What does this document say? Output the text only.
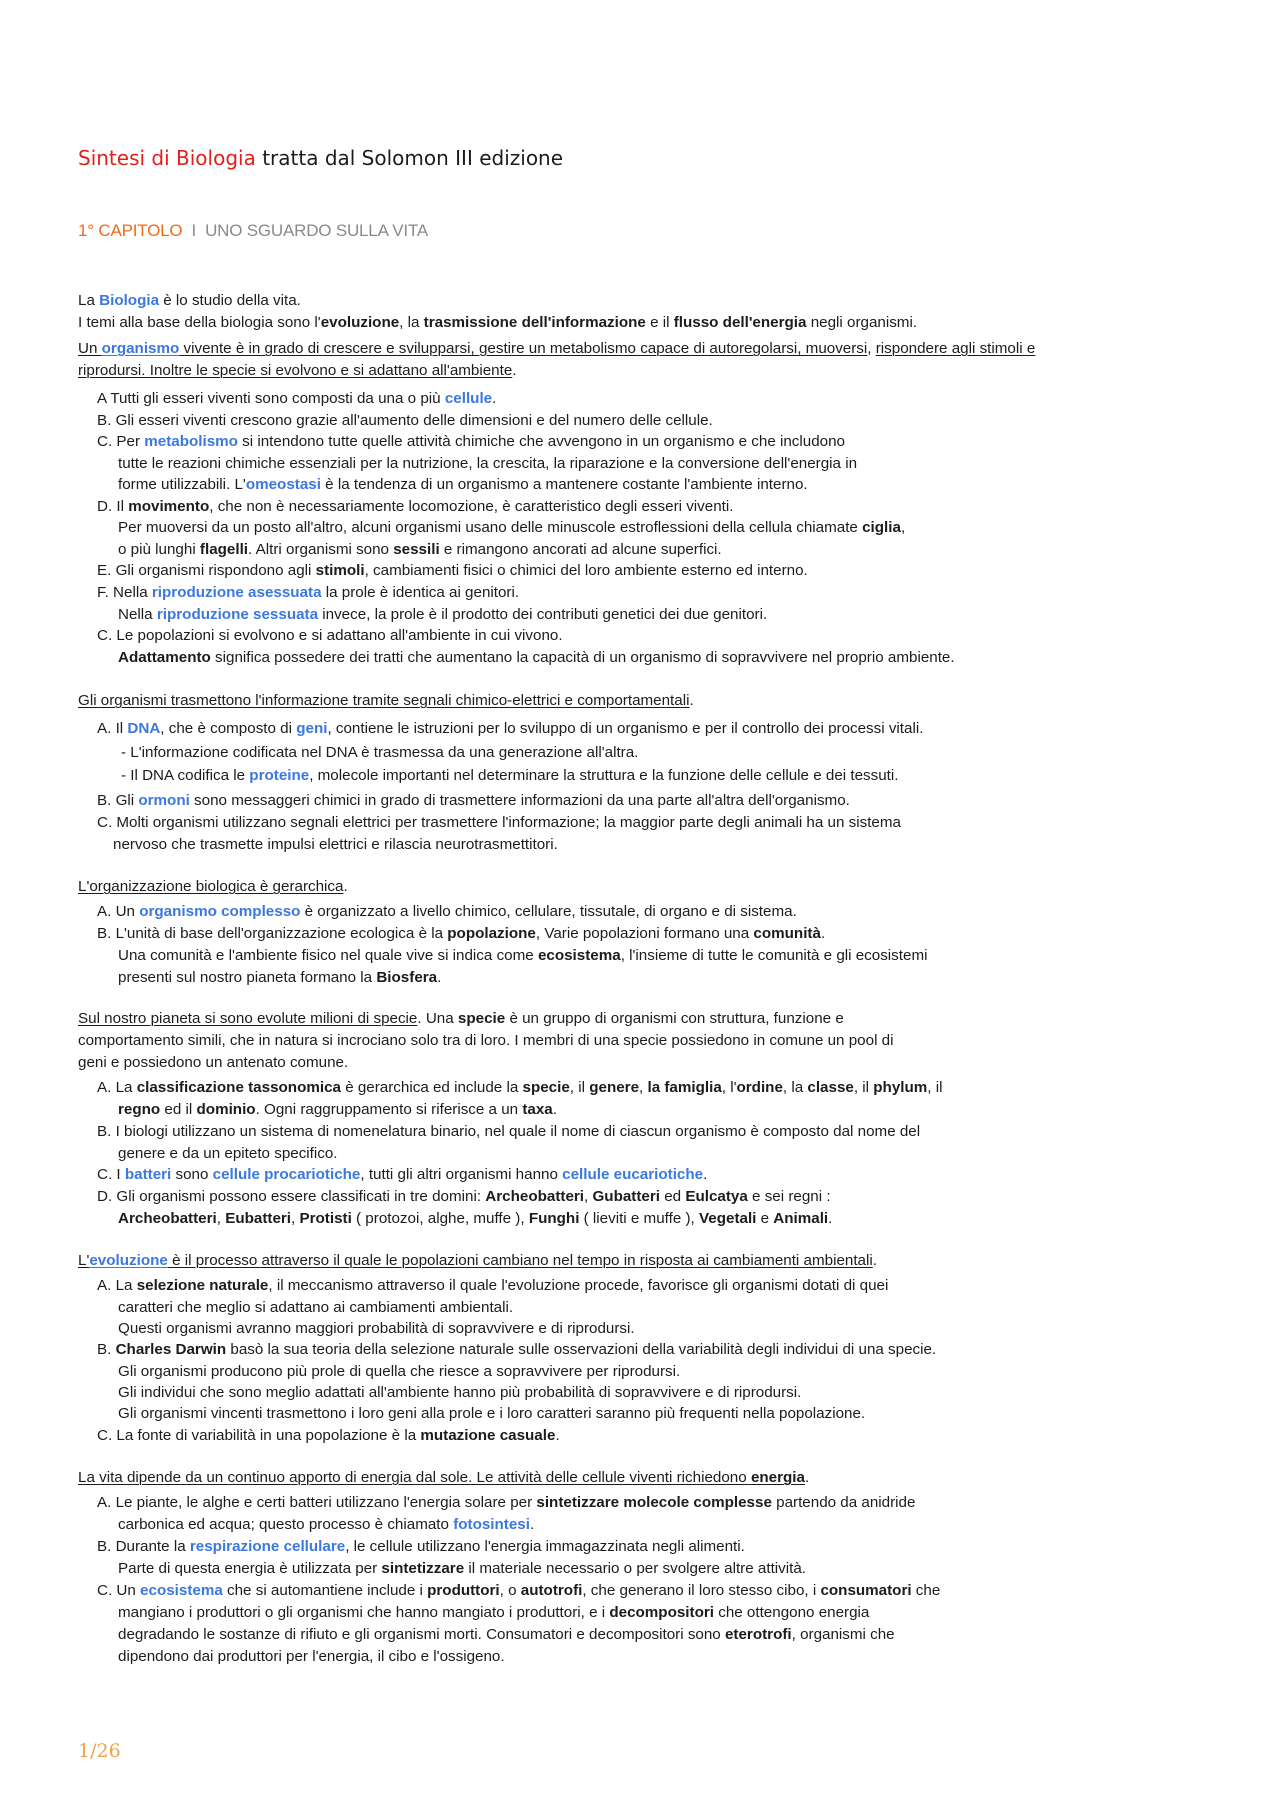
Sintesi di Biologia tratta dal Solomon III edizione
1° CAPITOLO I UNO SGUARDO SULLA VITA
La Biologia è lo studio della vita.
I temi alla base della biologia sono l'evoluzione, la trasmissione dell'informazione e il flusso dell'energia negli organismi.
Un organismo vivente è in grado di crescere e svilupparsi, gestire un metabolismo capace di autoregolarsi, muoversi, rispondere agli stimoli e
riprodursi. Inoltre le specie si evolvono e si adattano all'ambiente.
A Tutti gli esseri viventi sono composti da una o più cellule.
B. Gli esseri viventi crescono grazie all'aumento delle dimensioni e del numero delle cellule.
C. Per metabolismo si intendono tutte quelle attività chimiche che avvengono in un organismo e che includono
tutte le reazioni chimiche essenziali per la nutrizione, la crescita, la riparazione e la conversione dell'energia in
forme utilizzabili. L'omeostasi è la tendenza di un organismo a mantenere costante l'ambiente interno.
D. Il movimento, che non è necessariamente locomozione, è caratteristico degli esseri viventi.
Per muoversi da un posto all'altro, alcuni organismi usano delle minuscole estroflessioni della cellula chiamate ciglia,
o più lunghi flagelli. Altri organismi sono sessili e rimangono ancorati ad alcune superfici.
E. Gli organismi rispondono agli stimoli, cambiamenti fisici o chimici del loro ambiente esterno ed interno.
F. Nella riproduzione asessuata la prole è identica ai genitori.
Nella riproduzione sessuata invece, la prole è il prodotto dei contributi genetici dei due genitori.
C. Le popolazioni si evolvono e si adattano all'ambiente in cui vivono.
Adattamento significa possedere dei tratti che aumentano la capacità di un organismo di sopravvivere nel proprio ambiente.
Gli organismi trasmettono l'informazione tramite segnali chimico-elettrici e comportamentali.
A. Il DNA, che è composto di geni, contiene le istruzioni per lo sviluppo di un organismo e per il controllo dei processi vitali.
- L'informazione codificata nel DNA è trasmessa da una generazione all'altra.
- Il DNA codifica le proteine, molecole importanti nel determinare la struttura e la funzione delle cellule e dei tessuti.
B. Gli ormoni sono messaggeri chimici in grado di trasmettere informazioni da una parte all'altra dell'organismo.
C. Molti organismi utilizzano segnali elettrici per trasmettere l'informazione; la maggior parte degli animali ha un sistema
nervoso che trasmette impulsi elettrici e rilascia neurotrasmettitori.
L'organizzazione biologica è gerarchica.
A. Un organismo complesso è organizzato a livello chimico, cellulare, tissutale, di organo e di sistema.
B. L'unità di base dell'organizzazione ecologica è la popolazione, Varie popolazioni formano una comunità.
Una comunità e l'ambiente fisico nel quale vive si indica come ecosistema, l'insieme di tutte le comunità e gli ecosistemi
presenti sul nostro pianeta formano la Biosfera.
Sul nostro pianeta si sono evolute milioni di specie. Una specie è un gruppo di organismi con struttura, funzione e
comportamento simili, che in natura si incrociano solo tra di loro. I membri di una specie possiedono in comune un pool di
geni e possiedono un antenato comune.
A. La classificazione tassonomica è gerarchica ed include la specie, il genere, la famiglia, l'ordine, la classe, il phylum, il
regno ed il dominio. Ogni raggruppamento si riferisce a un taxa.
B. I biologi utilizzano un sistema di nomenelatura binario, nel quale il nome di ciascun organismo è composto dal nome del
genere e da un epiteto specifico.
C. I batteri sono cellule procariotiche, tutti gli altri organismi hanno cellule eucariotiche.
D. Gli organismi possono essere classificati in tre domini: Archeobatteri, Gubatteri ed Eulcatya e sei regni :
Archeobatteri, Eubatteri, Protisti ( protozoi, alghe, muffe ), Funghi ( lieviti e muffe ), Vegetali e Animali.
L'evoluzione è il processo attraverso il quale le popolazioni cambiano nel tempo in risposta ai cambiamenti ambientali.
A. La selezione naturale, il meccanismo attraverso il quale l'evoluzione procede, favorisce gli organismi dotati di quei
caratteri che meglio si adattano ai cambiamenti ambientali.
Questi organismi avranno maggiori probabilità di sopravvivere e di riprodursi.
B. Charles Darwin basò la sua teoria della selezione naturale sulle osservazioni della variabilità degli individui di una specie.
Gli organismi producono più prole di quella che riesce a sopravvivere per riprodursi.
Gli individui che sono meglio adattati all'ambiente hanno più probabilità di sopravvivere e di riprodursi.
Gli organismi vincenti trasmettono i loro geni alla prole e i loro caratteri saranno più frequenti nella popolazione.
C. La fonte di variabilità in una popolazione è la mutazione casuale.
La vita dipende da un continuo apporto di energia dal sole. Le attività delle cellule viventi richiedono energia.
A. Le piante, le alghe e certi batteri utilizzano l'energia solare per sintetizzare molecole complesse partendo da anidride
carbonica ed acqua; questo processo è chiamato fotosintesi.
B. Durante la respirazione cellulare, le cellule utilizzano l'energia immagazzinata negli alimenti.
Parte di questa energia è utilizzata per sintetizzare il materiale necessario o per svolgere altre attività.
C. Un ecosistema che si automantiene include i produttori, o autotrofi, che generano il loro stesso cibo, i consumatori che
mangiano i produttori o gli organismi che hanno mangiato i produttori, e i decompositori che ottengono energia
degradando le sostanze di rifiuto e gli organismi morti. Consumatori e decompositori sono eterotrofi, organismi che
dipendono dai produttori per l'energia, il cibo e l'ossigeno.
1/26
